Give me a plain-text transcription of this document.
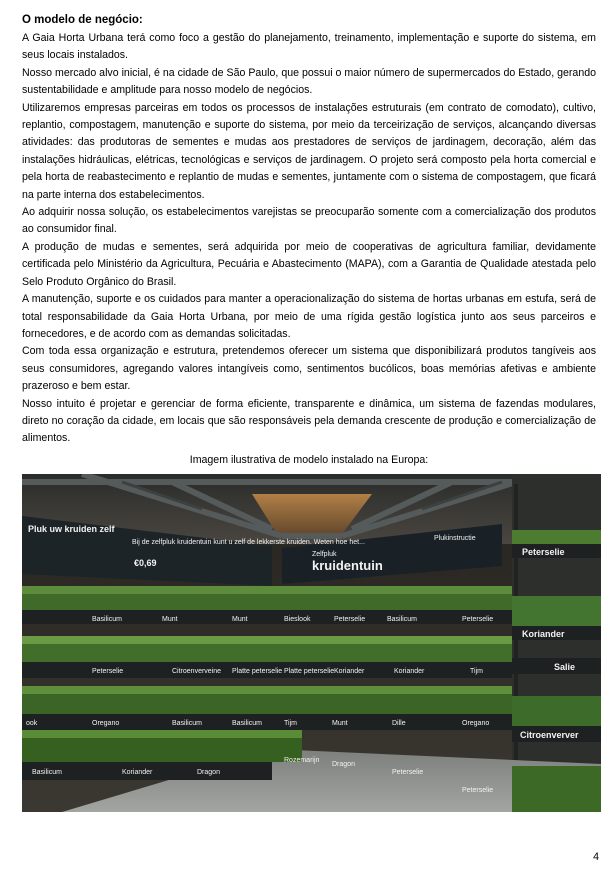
O modelo de negócio:

A Gaia Horta Urbana terá como foco a gestão do planejamento, treinamento, implementação e suporte do sistema, em seus locais instalados.

Nosso mercado alvo inicial, é na cidade de São Paulo, que possui o maior número de supermercados do Estado, gerando sustentabilidade e amplitude para nosso modelo de negócios.

Utilizaremos empresas parceiras em todos os processos de instalações estruturais (em contrato de comodato), cultivo, replantio, compostagem, manutenção e suporte do sistema, por meio da terceirização de serviços, alcançando diversas atividades: das produtoras de sementes e mudas aos prestadores de serviços de jardinagem, decoração, além das instalações hidráulicas, elétricas, tecnológicas e serviços de jardinagem. O projeto será composto pela horta comercial e pela horta de reabastecimento e replantio de mudas e sementes, juntamente com o sistema de compostagem, que ficará na parte interna dos estabelecimentos.

Ao adquirir nossa solução, os estabelecimentos varejistas se preocuparão somente com a comercialização dos produtos ao consumidor final.

A produção de mudas e sementes, será adquirida por meio de cooperativas de agricultura familiar, devidamente certificada pelo Ministério da Agricultura, Pecuária e Abastecimento (MAPA), com a Garantia de Qualidade atestada pelo Selo Produto Orgânico do Brasil.

A manutenção, suporte e os cuidados para manter a operacionalização do sistema de hortas urbanas em estufa, será de total responsabilidade da Gaia Horta Urbana, por meio de uma rígida gestão logística junto aos seus parceiros e fornecedores, e de acordo com as demandas solicitadas.

Com toda essa organização e estrutura, pretendemos oferecer um sistema que disponibilizará produtos tangíveis aos seus consumidores, agregando valores intangíveis como, sentimentos bucólicos, boas memórias afetivas e ambiente prazeroso e bem estar.

Nosso intuito é projetar e gerenciar de forma eficiente, transparente e dinâmica, um sistema de fazendas modulares, direto no coração da cidade, em locais que são responsáveis pela demanda crescente de produção e comercialização de alimentos.

Imagem ilustrativa de modelo instalado na Europa:

Pluk uw kruiden zelf
Bij de zelfpluk kruidentuin kunt u zelf de lekkerste kruiden. Weten hoe het...
€0,69
Zelfpluk
kruidentuin
Plukinstructie
Basilicum	Munt	Munt	Bieslook	Peterselie	Basilicum	Peterselie
Peterselie	Citroenverveine Platte peterselie Platte peterselie Koriander	Koriander	Tijm
ook	Oregano	Basilicum	Basilicum	Tijm	Munt	Dille	Oregano
Basilicum	Koriander	Dragon
Rozemarijn
Dragon
Peterselie
Peterselie
Peterselie
Koriander
Salie
Citroenverver
4
